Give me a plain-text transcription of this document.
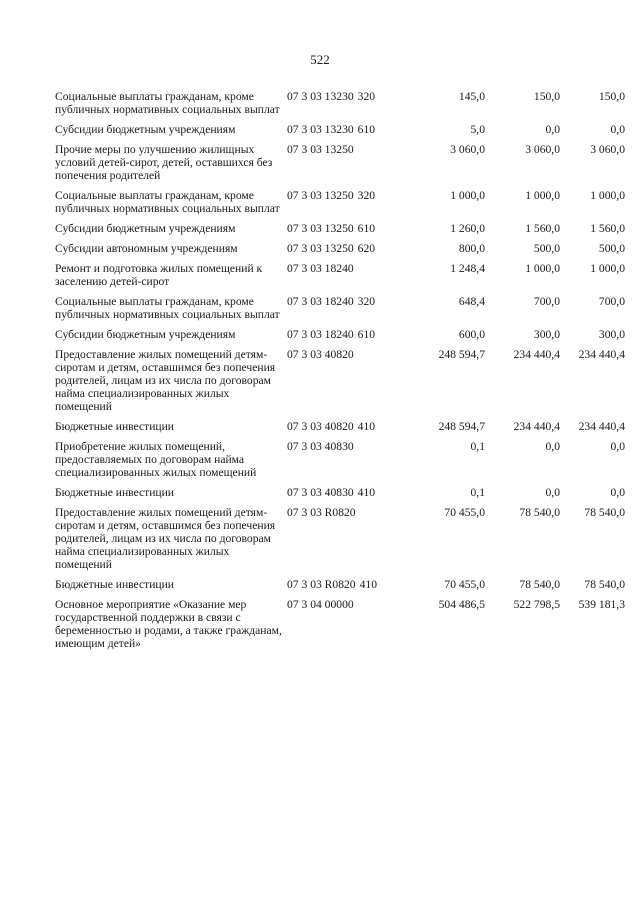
522
Социальные выплаты гражданам, кроме публичных нормативных социальных выплат	07 3 03 13230 320	145,0	150,0	150,0
Субсидии бюджетным учреждениям	07 3 03 13230 610	5,0	0,0	0,0
Прочие меры по улучшению жилищных условий детей-сирот, детей, оставшихся без попечения родителей	07 3 03 13250	3 060,0	3 060,0	3 060,0
Социальные выплаты гражданам, кроме публичных нормативных социальных выплат	07 3 03 13250 320	1 000,0	1 000,0	1 000,0
Субсидии бюджетным учреждениям	07 3 03 13250 610	1 260,0	1 560,0	1 560,0
Субсидии автономным учреждениям	07 3 03 13250 620	800,0	500,0	500,0
Ремонт и подготовка жилых помещений к заселению детей-сирот	07 3 03 18240	1 248,4	1 000,0	1 000,0
Социальные выплаты гражданам, кроме публичных нормативных социальных выплат	07 3 03 18240 320	648,4	700,0	700,0
Субсидии бюджетным учреждениям	07 3 03 18240 610	600,0	300,0	300,0
Предоставление жилых помещений детям-сиротам и детям, оставшимся без попечения родителей, лицам из их числа по договорам найма специализированных жилых помещений	07 3 03 40820	248 594,7	234 440,4	234 440,4
Бюджетные инвестиции	07 3 03 40820 410	248 594,7	234 440,4	234 440,4
Приобретение жилых помещений, предоставляемых по договорам найма специализированных жилых помещений	07 3 03 40830	0,1	0,0	0,0
Бюджетные инвестиции	07 3 03 40830 410	0,1	0,0	0,0
Предоставление жилых помещений детям-сиротам и детям, оставшимся без попечения родителей, лицам из их числа по договорам найма специализированных жилых помещений	07 3 03 R0820	70 455,0	78 540,0	78 540,0
Бюджетные инвестиции	07 3 03 R0820 410	70 455,0	78 540,0	78 540,0
Основное мероприятие «Оказание мер государственной поддержки в связи с беременностью и родами, а также гражданам, имеющим детей»	07 3 04 00000	504 486,5	522 798,5	539 181,3
